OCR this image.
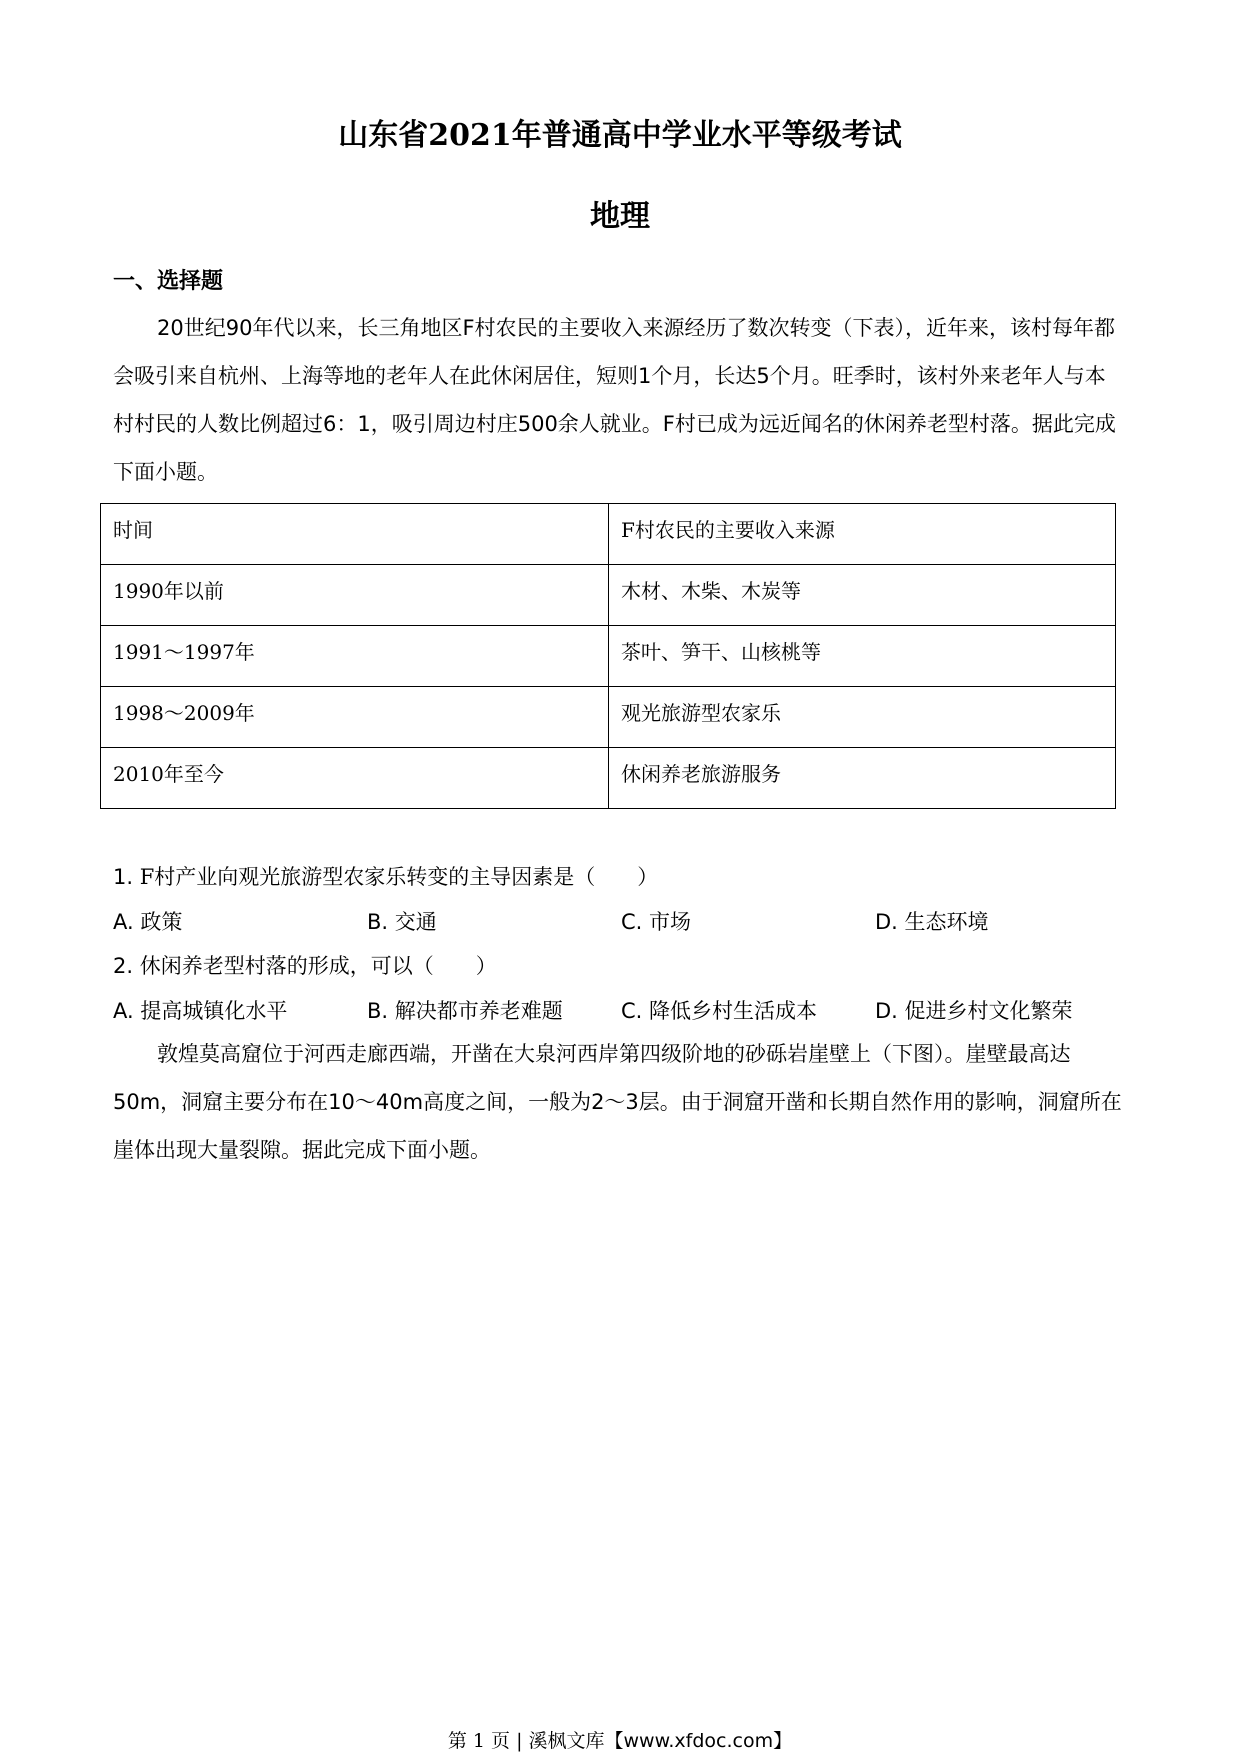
山东省2021年普通高中学业水平等级考试
地理
一、选择题

20世纪90年代以来，长三角地区F村农民的主要收入来源经历了数次转变（下表），近年来，该村每年都会吸引来自杭州、上海等地的老年人在此休闲居住，短则1个月，长达5个月。旺季时，该村外来老年人与本村村民的人数比例超过6：1，吸引周边村庄500余人就业。F村已成为远近闻名的休闲养老型村落。据此完成下面小题。

时间	F村农民的主要收入来源
1990年以前	木材、木柴、木炭等
1991～1997年	茶叶、笋干、山核桃等
1998～2009年	观光旅游型农家乐
2010年至今	休闲养老旅游服务
1. F村产业向观光旅游型农家乐转变的主导因素是（　　）
A. 政策	B. 交通	C. 市场	D. 生态环境
2. 休闲养老型村落的形成，可以（　　）
A. 提高城镇化水平	B. 解决都市养老难题	C. 降低乡村生活成本	D. 促进乡村文化繁荣

敦煌莫高窟位于河西走廊西端，开凿在大泉河西岸第四级阶地的砂砾岩崖壁上（下图）。崖壁最高达50m，洞窟主要分布在10～40m高度之间，一般为2～3层。由于洞窟开凿和长期自然作用的影响，洞窟所在崖体出现大量裂隙。据此完成下面小题。

第 1 页 | 溪枫文库【www.xfdoc.com】
